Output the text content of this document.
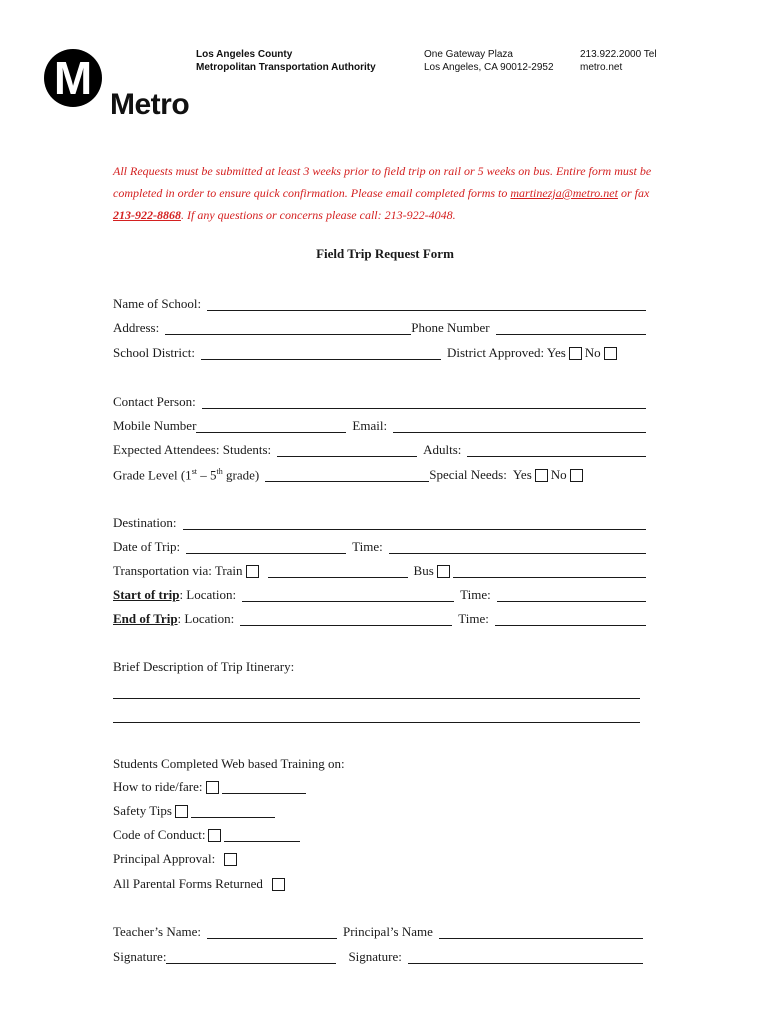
M
Metro
Los Angeles County
Metropolitan Transportation Authority
One Gateway Plaza
Los Angeles, CA 90012-2952
213.922.2000 Tel
metro.net
All Requests must be submitted at least 3 weeks prior to field trip on rail or 5 weeks on bus. Entire form must be completed in order to ensure quick confirmation. Please email completed forms to martinezja@metro.net or fax 213-922-8868. If any questions or concerns please call: 213-922-4048.
Field Trip Request Form
Name of School:
Address:	Phone Number
School District:	District Approved: Yes No
Contact Person:
Mobile Number	Email:
Expected Attendees: Students:	Adults:
Grade Level (1st – 5th grade)	Special Needs: Yes No
Destination:
Date of Trip:	Time:
Transportation via: Train	Bus
Start of trip: Location:	Time:
End of Trip: Location:	Time:
Brief Description of Trip Itinerary:
Students Completed Web based Training on:
How to ride/fare:
Safety Tips
Code of Conduct:
Principal Approval:
All Parental Forms Returned
Teacher’s Name:	Principal’s Name
Signature:	Signature:
